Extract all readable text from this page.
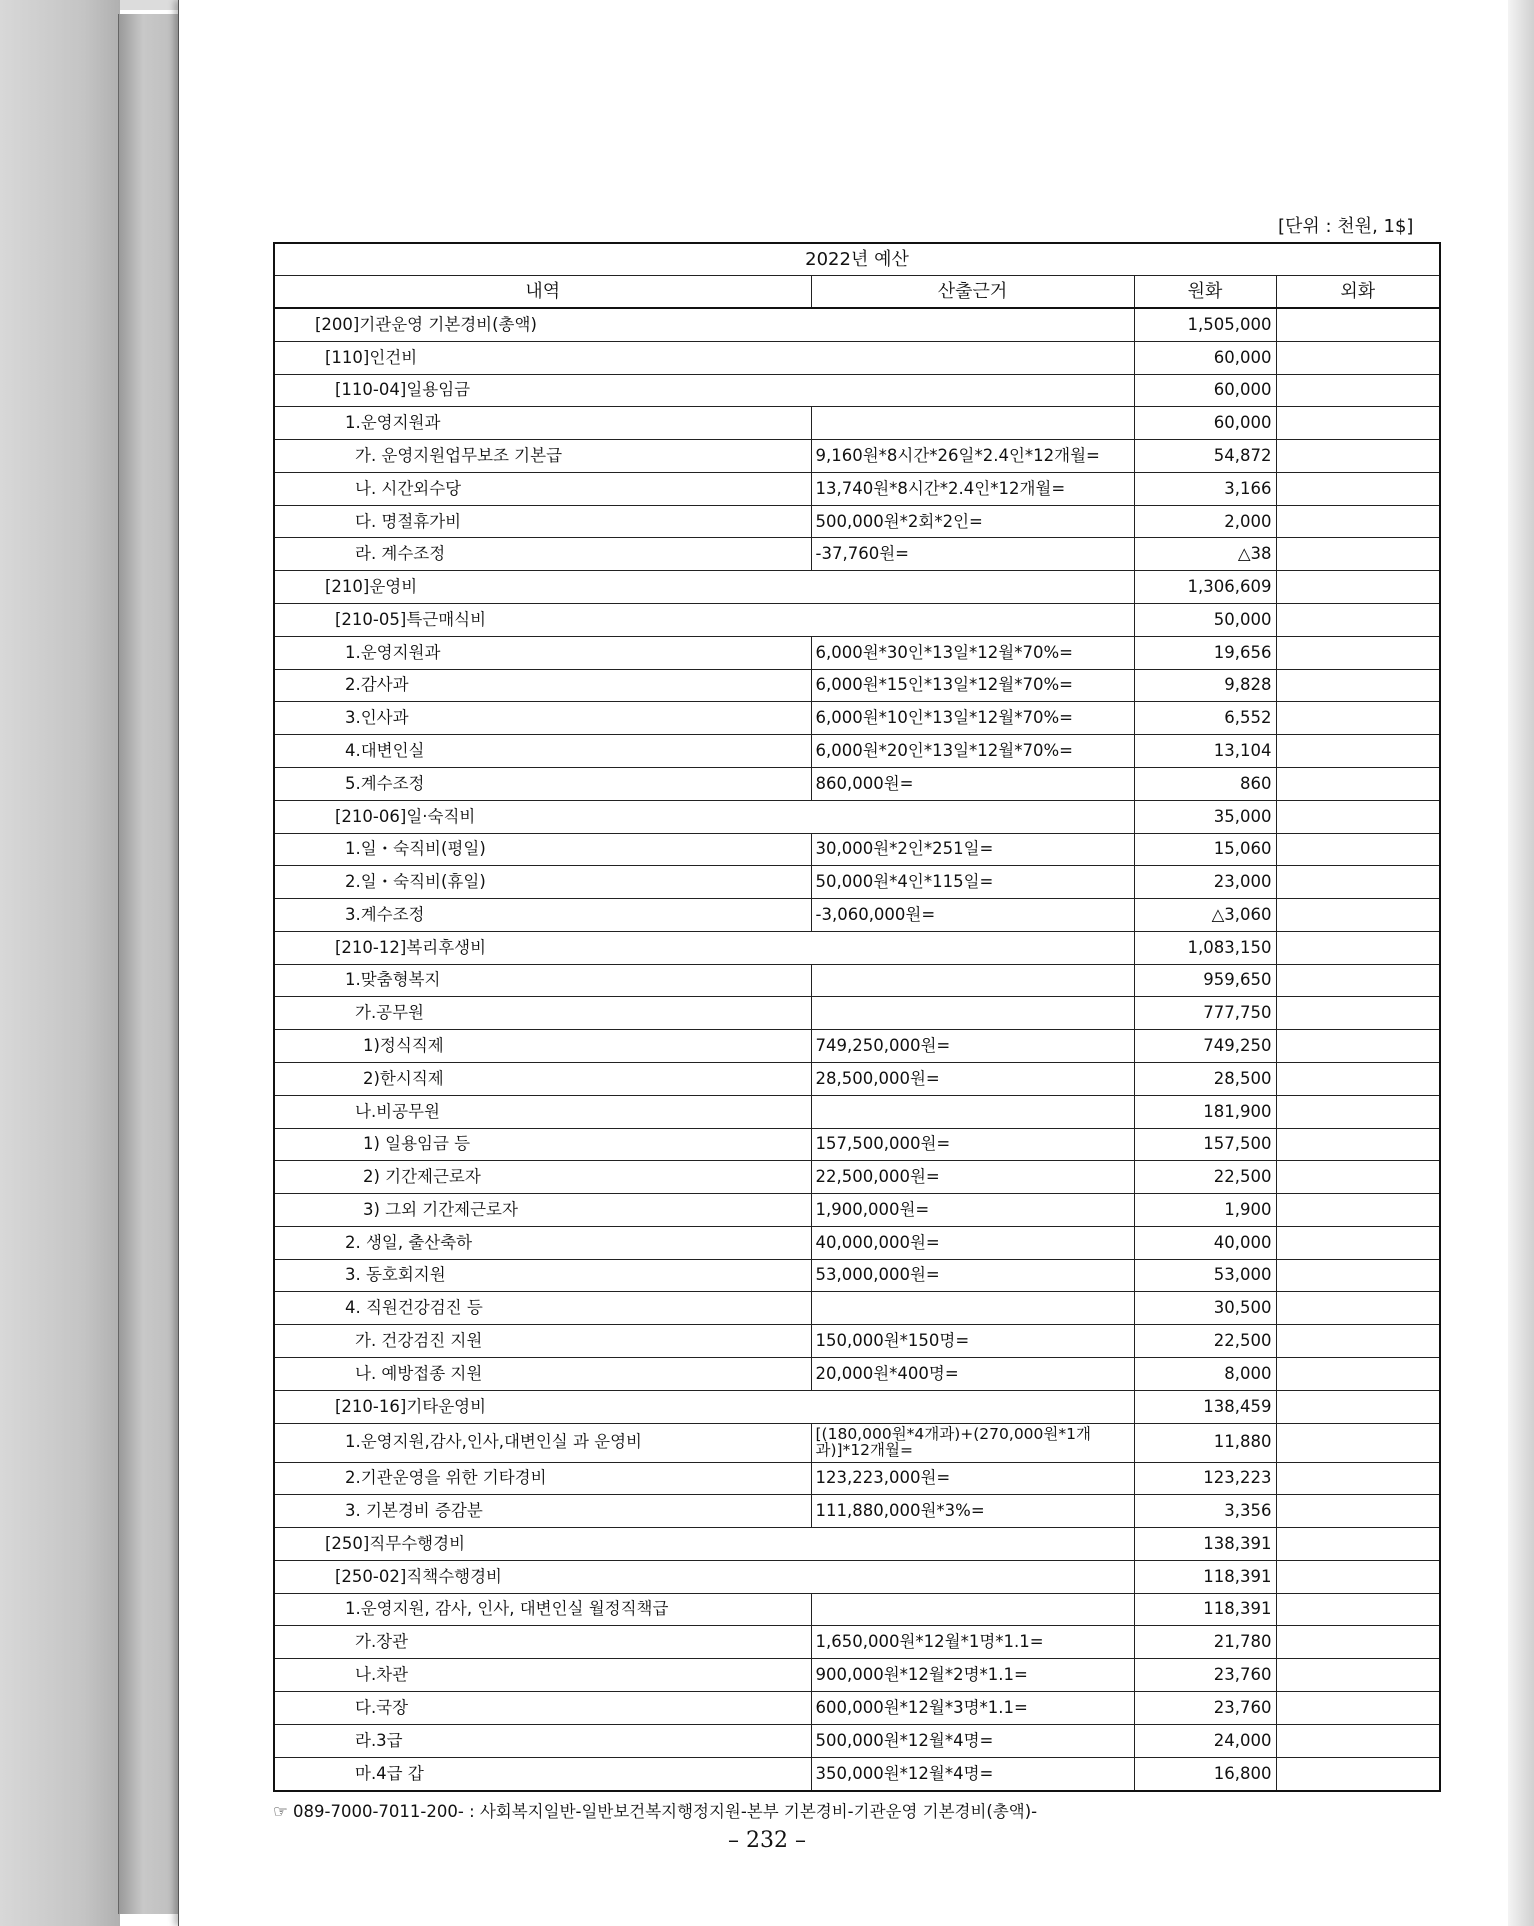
[단위 : 천원, 1$]
2022년 예산			
내역	산출근거	원화	외화
[200]기관운영 기본경비(총액)		1,505,000	
[110]인건비		60,000	
[110-04]일용임금		60,000	
1.운영지원과		60,000	
가. 운영지원업무보조 기본급	9,160원*8시간*26일*2.4인*12개월=	54,872	
나. 시간외수당	13,740원*8시간*2.4인*12개월=	3,166	
다. 명절휴가비	500,000원*2회*2인=	2,000	
라. 계수조정	-37,760원=	△38	
[210]운영비		1,306,609	
[210-05]특근매식비		50,000	
1.운영지원과	6,000원*30인*13일*12월*70%=	19,656	
2.감사과	6,000원*15인*13일*12월*70%=	9,828	
3.인사과	6,000원*10인*13일*12월*70%=	6,552	
4.대변인실	6,000원*20인*13일*12월*70%=	13,104	
5.계수조정	860,000원=	860	
[210-06]일·숙직비		35,000	
1.일・숙직비(평일)	30,000원*2인*251일=	15,060	
2.일・숙직비(휴일)	50,000원*4인*115일=	23,000	
3.계수조정	-3,060,000원=	△3,060	
[210-12]복리후생비		1,083,150	
1.맞춤형복지		959,650	
가.공무원		777,750	
1)정식직제	749,250,000원=	749,250	
2)한시직제	28,500,000원=	28,500	
나.비공무원		181,900	
1) 일용임금 등	157,500,000원=	157,500	
2) 기간제근로자	22,500,000원=	22,500	
3) 그외 기간제근로자	1,900,000원=	1,900	
2. 생일, 출산축하	40,000,000원=	40,000	
3. 동호회지원	53,000,000원=	53,000	
4. 직원건강검진 등		30,500	
가. 건강검진 지원	150,000원*150명=	22,500	
나. 예방접종 지원	20,000원*400명=	8,000	
[210-16]기타운영비		138,459	
1.운영지원,감사,인사,대변인실 과 운영비	[(180,000원*4개과)+(270,000원*1개과)]*12개월=	11,880	
2.기관운영을 위한 기타경비	123,223,000원=	123,223	
3. 기본경비 증감분	111,880,000원*3%=	3,356	
[250]직무수행경비		138,391	
[250-02]직책수행경비		118,391	
1.운영지원, 감사, 인사, 대변인실 월정직책급		118,391	
가.장관	1,650,000원*12월*1명*1.1=	21,780	
나.차관	900,000원*12월*2명*1.1=	23,760	
다.국장	600,000원*12월*3명*1.1=	23,760	
라.3급	500,000원*12월*4명=	24,000	
마.4급 갑	350,000원*12월*4명=	16,800	
☞ 089-7000-7011-200- : 사회복지일반-일반보건복지행정지원-본부 기본경비-기관운영 기본경비(총액)-
– 232 –
